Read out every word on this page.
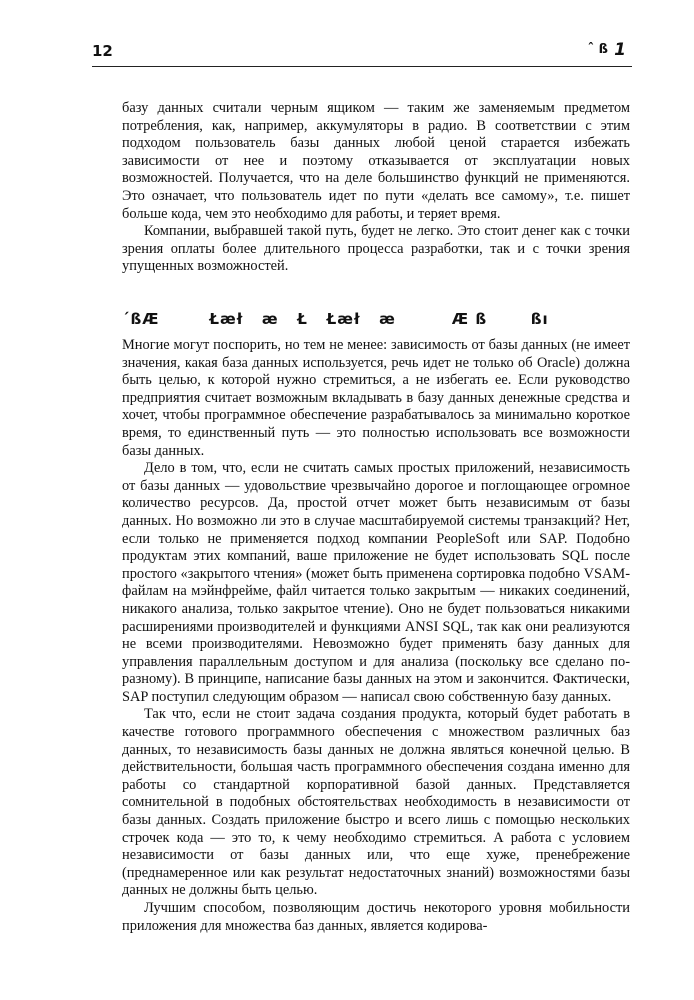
12	ˆ ß 1

базу данных считали черным ящиком — таким же заменяемым предметом потребления, как, например, аккумуляторы в радио. В соответствии с этим подходом пользователь базы данных любой ценой старается избежать зависимости от нее и поэтому отказывается от эксплуатации новых возможностей. Получается, что на деле большинство функций не применяются. Это означает, что пользователь идет по пути «делать все самому», т.е. пишет больше кода, чем это необходимо для работы, и теряет время.

Компании, выбравшей такой путь, будет не легко. Это стоит денег как с точки зрения оплаты более длительного процесса разработки, так и с точки зрения упущенных возможностей.

´ßÆ        Łæł   æ   Ł   Łæł   æ         Æ ß       ßı

Многие могут поспорить, но тем не менее: зависимость от базы данных (не имеет значения, какая база данных используется, речь идет не только об Oracle) должна быть целью, к которой нужно стремиться, а не избегать ее. Если руководство предприятия считает возможным вкладывать в базу данных денежные средства и хочет, чтобы программное обеспечение разрабатывалось за минимально короткое время, то единственный путь — это полностью использовать все возможности базы данных.

Дело в том, что, если не считать самых простых приложений, независимость от базы данных — удовольствие чрезвычайно дорогое и поглощающее огромное количество ресурсов. Да, простой отчет может быть независимым от базы данных. Но возможно ли это в случае масштабируемой системы транзакций? Нет, если только не применяется подход компании PeopleSoft или SAP. Подобно продуктам этих компаний, ваше приложение не будет использовать SQL после простого «закрытого чтения» (может быть применена сортировка подобно VSAM-файлам на мэйнфрейме, файл читается только закрытым — никаких соединений, никакого анализа, только закрытое чтение). Оно не будет пользоваться никакими расширениями производителей и функциями ANSI SQL, так как они реализуются не всеми производителями. Невозможно будет применять базу данных для управления параллельным доступом и для анализа (поскольку все сделано по-разному). В принципе, написание базы данных на этом и закончится. Фактически, SAP поступил следующим образом — написал свою собственную базу данных.

Так что, если не стоит задача создания продукта, который будет работать в качестве готового программного обеспечения с множеством различных баз данных, то независимость базы данных не должна являться конечной целью. В действительности, большая часть программного обеспечения создана именно для работы со стандартной корпоративной базой данных. Представляется сомнительной в подобных обстоятельствах необходимость в независимости от базы данных. Создать приложение быстро и всего лишь с помощью нескольких строчек кода — это то, к чему необходимо стремиться. А работа с условием независимости от базы данных или, что еще хуже, пренебрежение (преднамеренное или как результат недостаточных знаний) возможностями базы данных не должны быть целью.

Лучшим способом, позволяющим достичь некоторого уровня мобильности приложения для множества баз данных, является кодирова-
